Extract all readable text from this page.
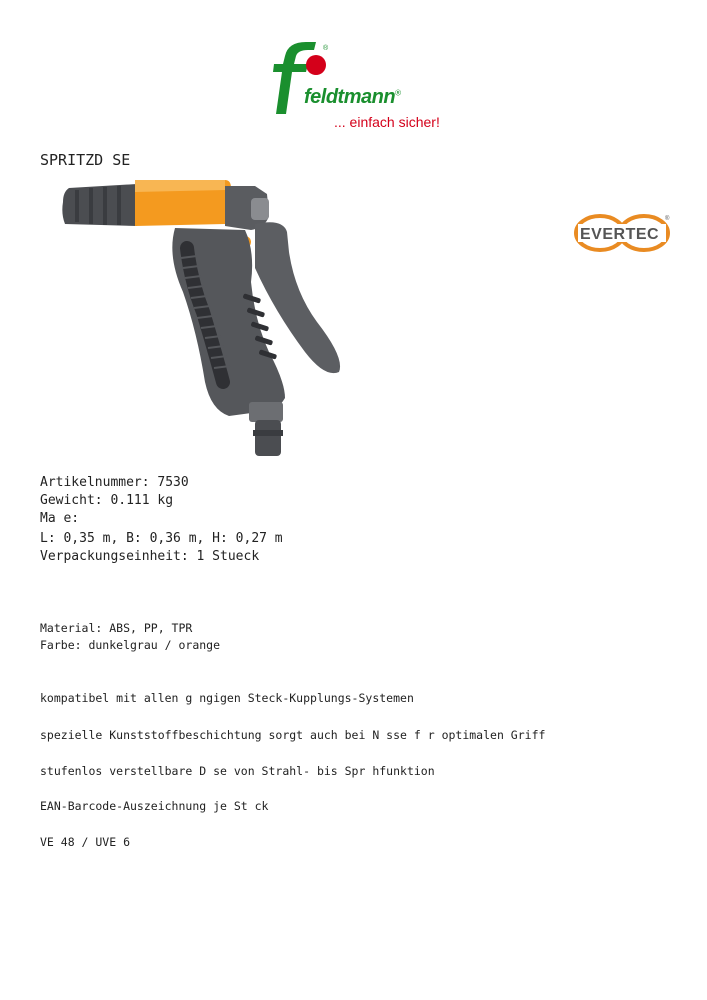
®
feldtmann®
... einfach sicher!
SPRITZD SE
®
EVERTEC
Artikelnummer: 7530
Gewicht: 0.111 kg
Ma e:
L: 0,35 m, B: 0,36 m, H: 0,27 m
Verpackungseinheit: 1 Stueck
Material: ABS, PP, TPR
Farbe: dunkelgrau / orange
kompatibel mit allen g ngigen Steck-Kupplungs-Systemen
spezielle Kunststoffbeschichtung sorgt auch bei N sse f r optimalen Griff
stufenlos verstellbare D se von Strahl- bis Spr hfunktion
EAN-Barcode-Auszeichnung je St ck
VE 48 / UVE 6
